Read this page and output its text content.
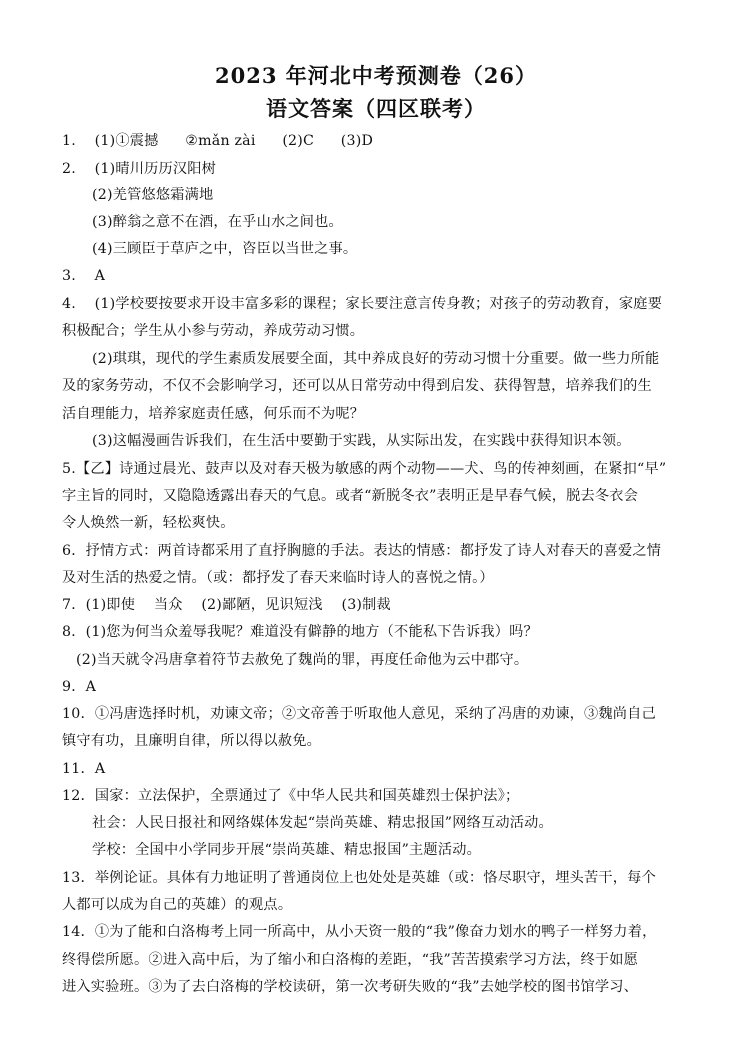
2023 年河北中考预测卷（26）
语文答案（四区联考）
1. (1)①震撼 ②mǎn zài (2)C (3)D
2. (1)晴川历历汉阳树
(2)羌管悠悠霜满地
(3)醉翁之意不在酒，在乎山水之间也。
(4)三顾臣于草庐之中，咨臣以当世之事。
3. A
4. (1)学校要按要求开设丰富多彩的课程；家长要注意言传身教；对孩子的劳动教育，家庭要
积极配合；学生从小参与劳动，养成劳动习惯。
(2)琪琪，现代的学生素质发展要全面，其中养成良好的劳动习惯十分重要。做一些力所能
及的家务劳动，不仅不会影响学习，还可以从日常劳动中得到启发、获得智慧，培养我们的生
活自理能力，培养家庭责任感，何乐而不为呢？
(3)这幅漫画告诉我们，在生活中要勤于实践，从实际出发，在实践中获得知识本领。
5.【乙】诗通过晨光、鼓声以及对春天极为敏感的两个动物——犬、鸟的传神刻画，在紧扣“早”
字主旨的同时，又隐隐透露出春天的气息。或者“新脱冬衣”表明正是早春气候，脱去冬衣会
令人焕然一新，轻松爽快。
6．抒情方式：两首诗都采用了直抒胸臆的手法。表达的情感：都抒发了诗人对春天的喜爱之情
及对生活的热爱之情。（或：都抒发了春天来临时诗人的喜悦之情。）
7．(1)即使 当众 (2)鄙陋，见识短浅 (3)制裁
8．(1)您为何当众羞辱我呢？难道没有僻静的地方（不能私下告诉我）吗？
(2)当天就令冯唐拿着符节去赦免了魏尚的罪，再度任命他为云中郡守。
9．A
10．①冯唐选择时机，劝谏文帝；②文帝善于听取他人意见，采纳了冯唐的劝谏，③魏尚自己
镇守有功，且廉明自律，所以得以赦免。
11．A
12．国家：立法保护，全票通过了《中华人民共和国英雄烈士保护法》；
社会：人民日报社和网络媒体发起“崇尚英雄、精忠报国”网络互动活动。
学校：全国中小学同步开展“崇尚英雄、精忠报国”主题活动。
13．举例论证。具体有力地证明了普通岗位上也处处是英雄（或：恪尽职守，埋头苦干，每个
人都可以成为自己的英雄）的观点。
14．①为了能和白洛梅考上同一所高中，从小天资一般的“我”像奋力划水的鸭子一样努力着，
终得偿所愿。②进入高中后，为了缩小和白洛梅的差距，“我”苦苦摸索学习方法，终于如愿
进入实验班。③为了去白洛梅的学校读研，第一次考研失败的“我”去她学校的图书馆学习、
